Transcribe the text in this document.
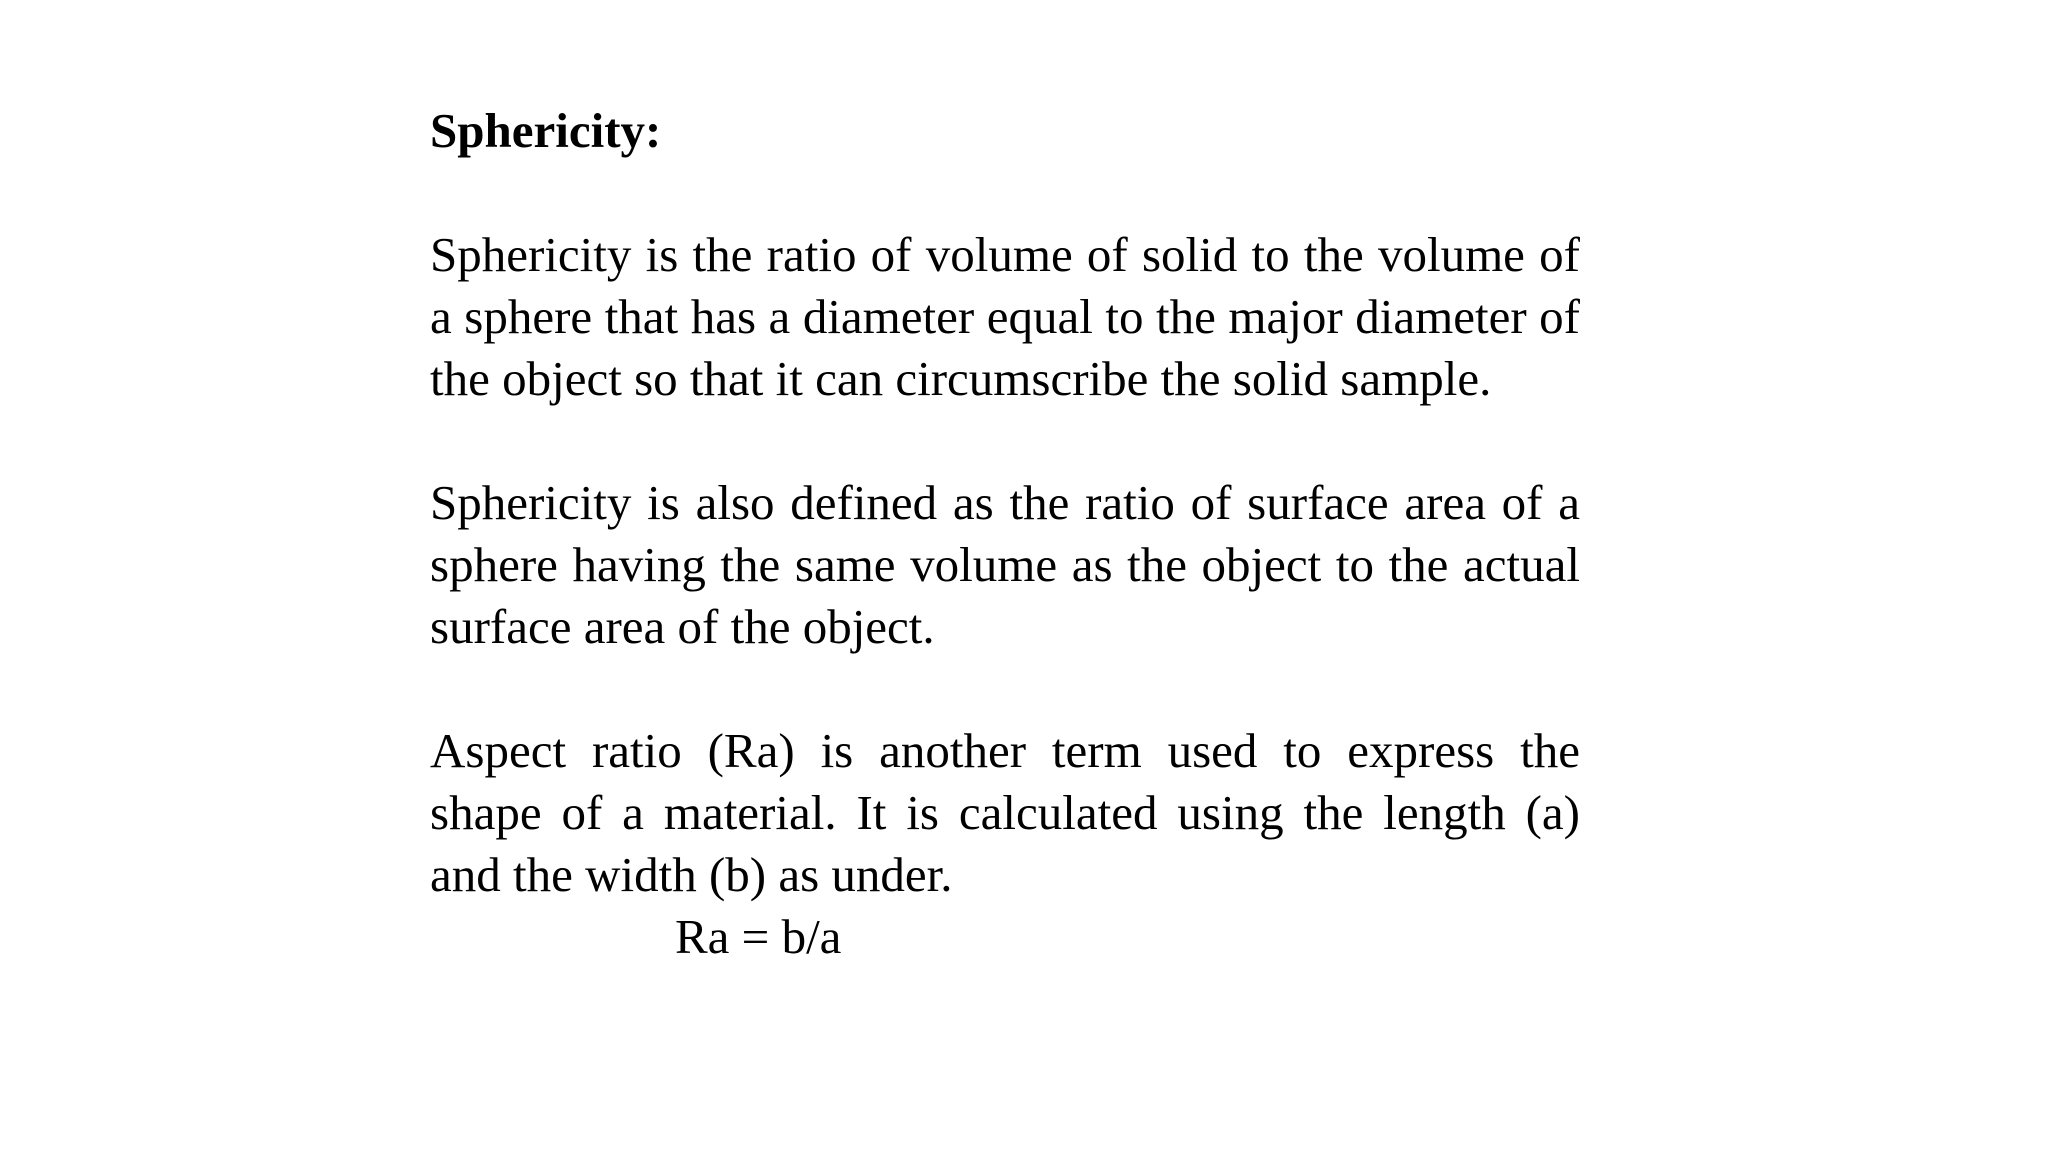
Sphericity:

Sphericity is the ratio of volume of solid to the volume of a sphere that has a diameter equal to the major diameter of the object so that it can circumscribe the solid sample.

Sphericity is also defined as the ratio of surface area of a sphere having the same volume as the object to the actual surface area of the object.

Aspect ratio (Ra) is another term used to express the shape of a material. It is calculated using the length (a) and the width (b) as under.

Ra = b/a
